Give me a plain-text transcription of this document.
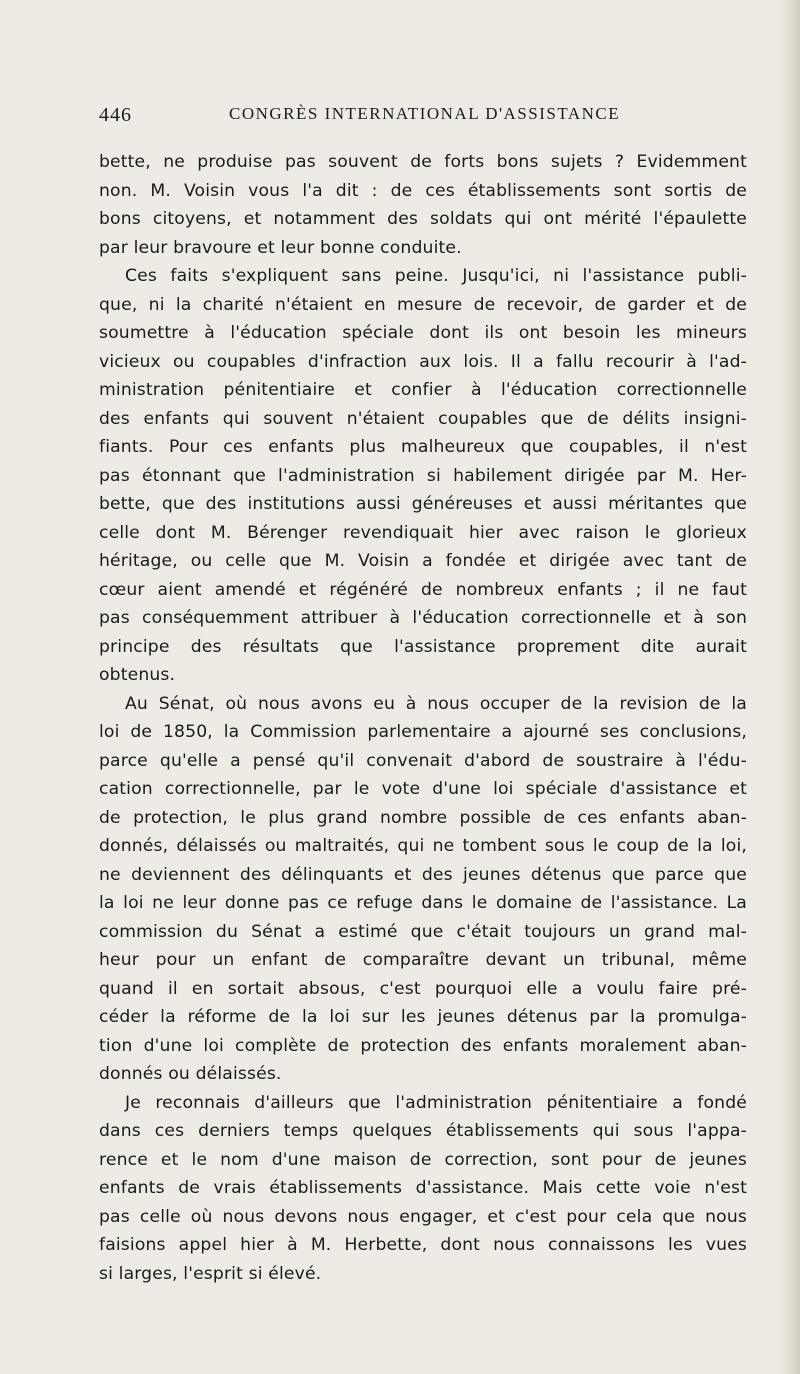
446	CONGRÈS INTERNATIONAL D'ASSISTANCE
bette, ne produise pas souvent de forts bons sujets ? Evidemment
non. M. Voisin vous l'a dit : de ces établissements sont sortis de
bons citoyens, et notamment des soldats qui ont mérité l'épaulette
par leur bravoure et leur bonne conduite.
Ces faits s'expliquent sans peine. Jusqu'ici, ni l'assistance publi-
que, ni la charité n'étaient en mesure de recevoir, de garder et de
soumettre à l'éducation spéciale dont ils ont besoin les mineurs
vicieux ou coupables d'infraction aux lois. Il a fallu recourir à l'ad-
ministration pénitentiaire et confier à l'éducation correctionnelle
des enfants qui souvent n'étaient coupables que de délits insigni-
fiants. Pour ces enfants plus malheureux que coupables, il n'est
pas étonnant que l'administration si habilement dirigée par M. Her-
bette, que des institutions aussi généreuses et aussi méritantes que
celle dont M. Bérenger revendiquait hier avec raison le glorieux
héritage, ou celle que M. Voisin a fondée et dirigée avec tant de
cœur aient amendé et régénéré de nombreux enfants ; il ne faut
pas conséquemment attribuer à l'éducation correctionnelle et à son
principe des résultats que l'assistance proprement dite aurait
obtenus.
Au Sénat, où nous avons eu à nous occuper de la revision de la
loi de 1850, la Commission parlementaire a ajourné ses conclusions,
parce qu'elle a pensé qu'il convenait d'abord de soustraire à l'édu-
cation correctionnelle, par le vote d'une loi spéciale d'assistance et
de protection, le plus grand nombre possible de ces enfants aban-
donnés, délaissés ou maltraités, qui ne tombent sous le coup de la loi,
ne deviennent des délinquants et des jeunes détenus que parce que
la loi ne leur donne pas ce refuge dans le domaine de l'assistance. La
commission du Sénat a estimé que c'était toujours un grand mal-
heur pour un enfant de comparaître devant un tribunal, même
quand il en sortait absous, c'est pourquoi elle a voulu faire pré-
céder la réforme de la loi sur les jeunes détenus par la promulga-
tion d'une loi complète de protection des enfants moralement aban-
donnés ou délaissés.
Je reconnais d'ailleurs que l'administration pénitentiaire a fondé
dans ces derniers temps quelques établissements qui sous l'appa-
rence et le nom d'une maison de correction, sont pour de jeunes
enfants de vrais établissements d'assistance. Mais cette voie n'est
pas celle où nous devons nous engager, et c'est pour cela que nous
faisions appel hier à M. Herbette, dont nous connaissons les vues
si larges, l'esprit si élevé.
